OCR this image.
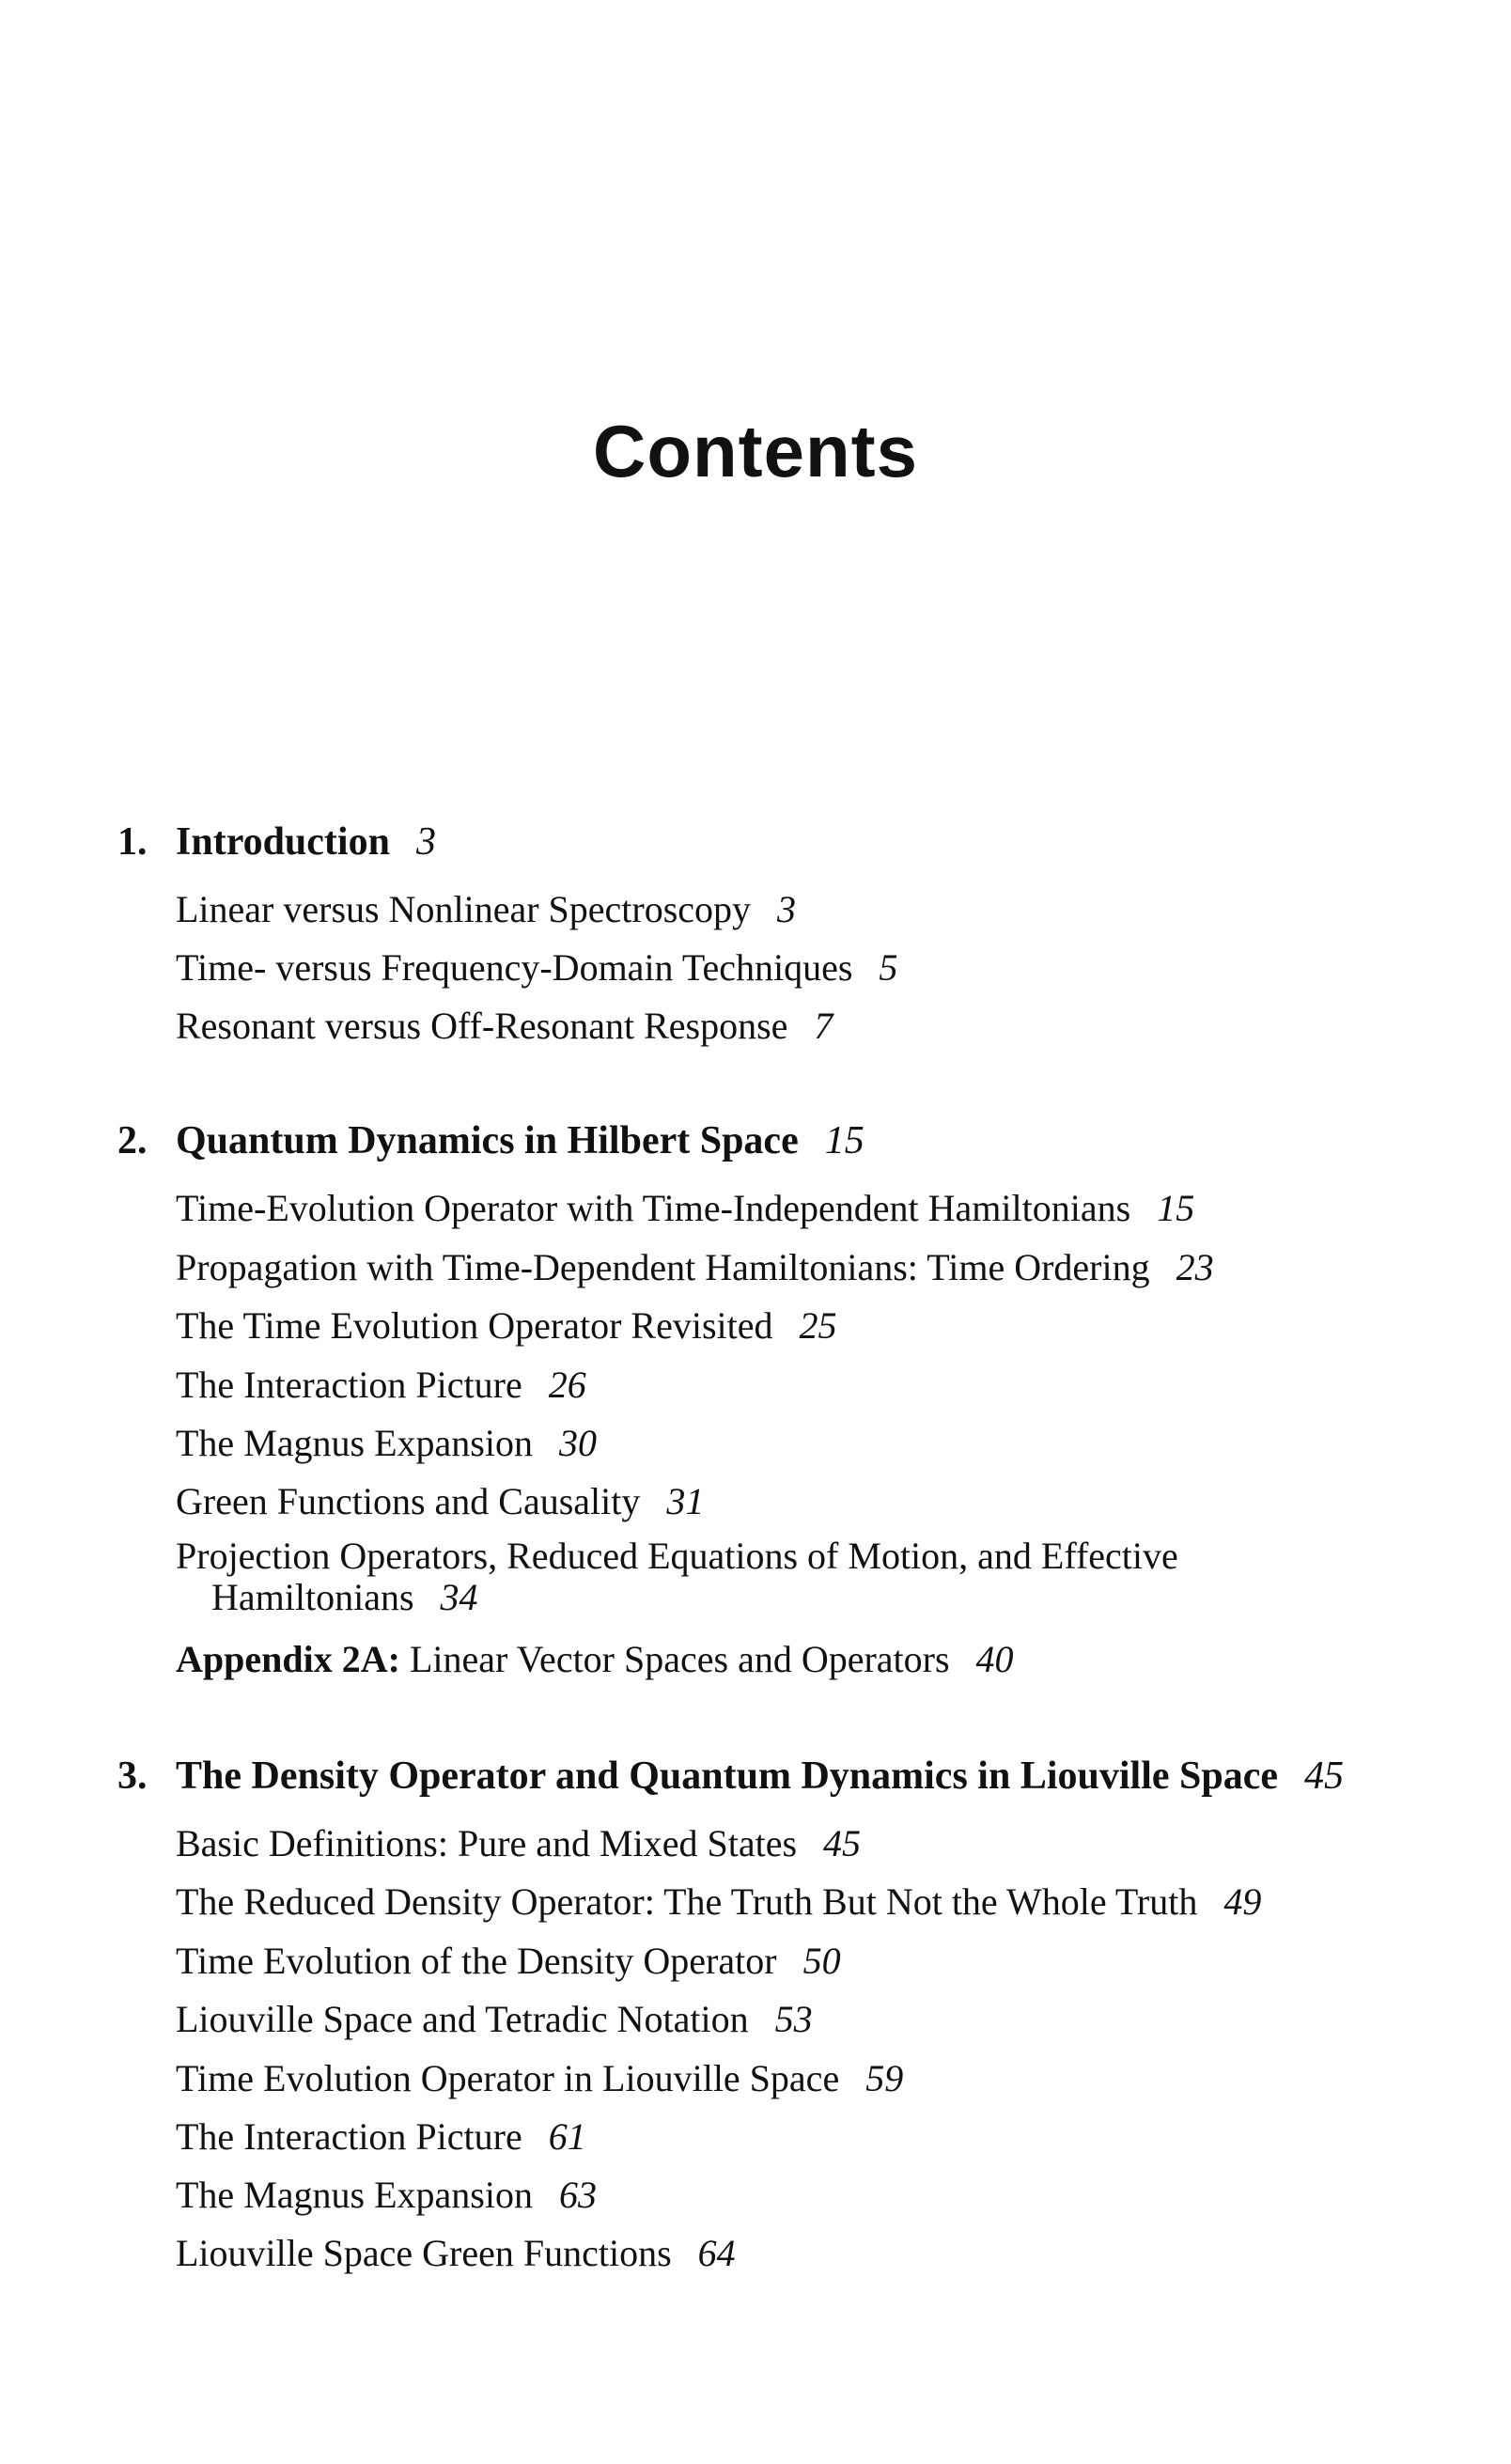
Contents
1. Introduction 3
Linear versus Nonlinear Spectroscopy 3
Time- versus Frequency-Domain Techniques 5
Resonant versus Off-Resonant Response 7
2. Quantum Dynamics in Hilbert Space 15
Time-Evolution Operator with Time-Independent Hamiltonians 15
Propagation with Time-Dependent Hamiltonians: Time Ordering 23
The Time Evolution Operator Revisited 25
The Interaction Picture 26
The Magnus Expansion 30
Green Functions and Causality 31
Projection Operators, Reduced Equations of Motion, and Effective
Hamiltonians 34
Appendix 2A: Linear Vector Spaces and Operators 40
3. The Density Operator and Quantum Dynamics in Liouville Space 45
Basic Definitions: Pure and Mixed States 45
The Reduced Density Operator: The Truth But Not the Whole Truth 49
Time Evolution of the Density Operator 50
Liouville Space and Tetradic Notation 53
Time Evolution Operator in Liouville Space 59
The Interaction Picture 61
The Magnus Expansion 63
Liouville Space Green Functions 64
